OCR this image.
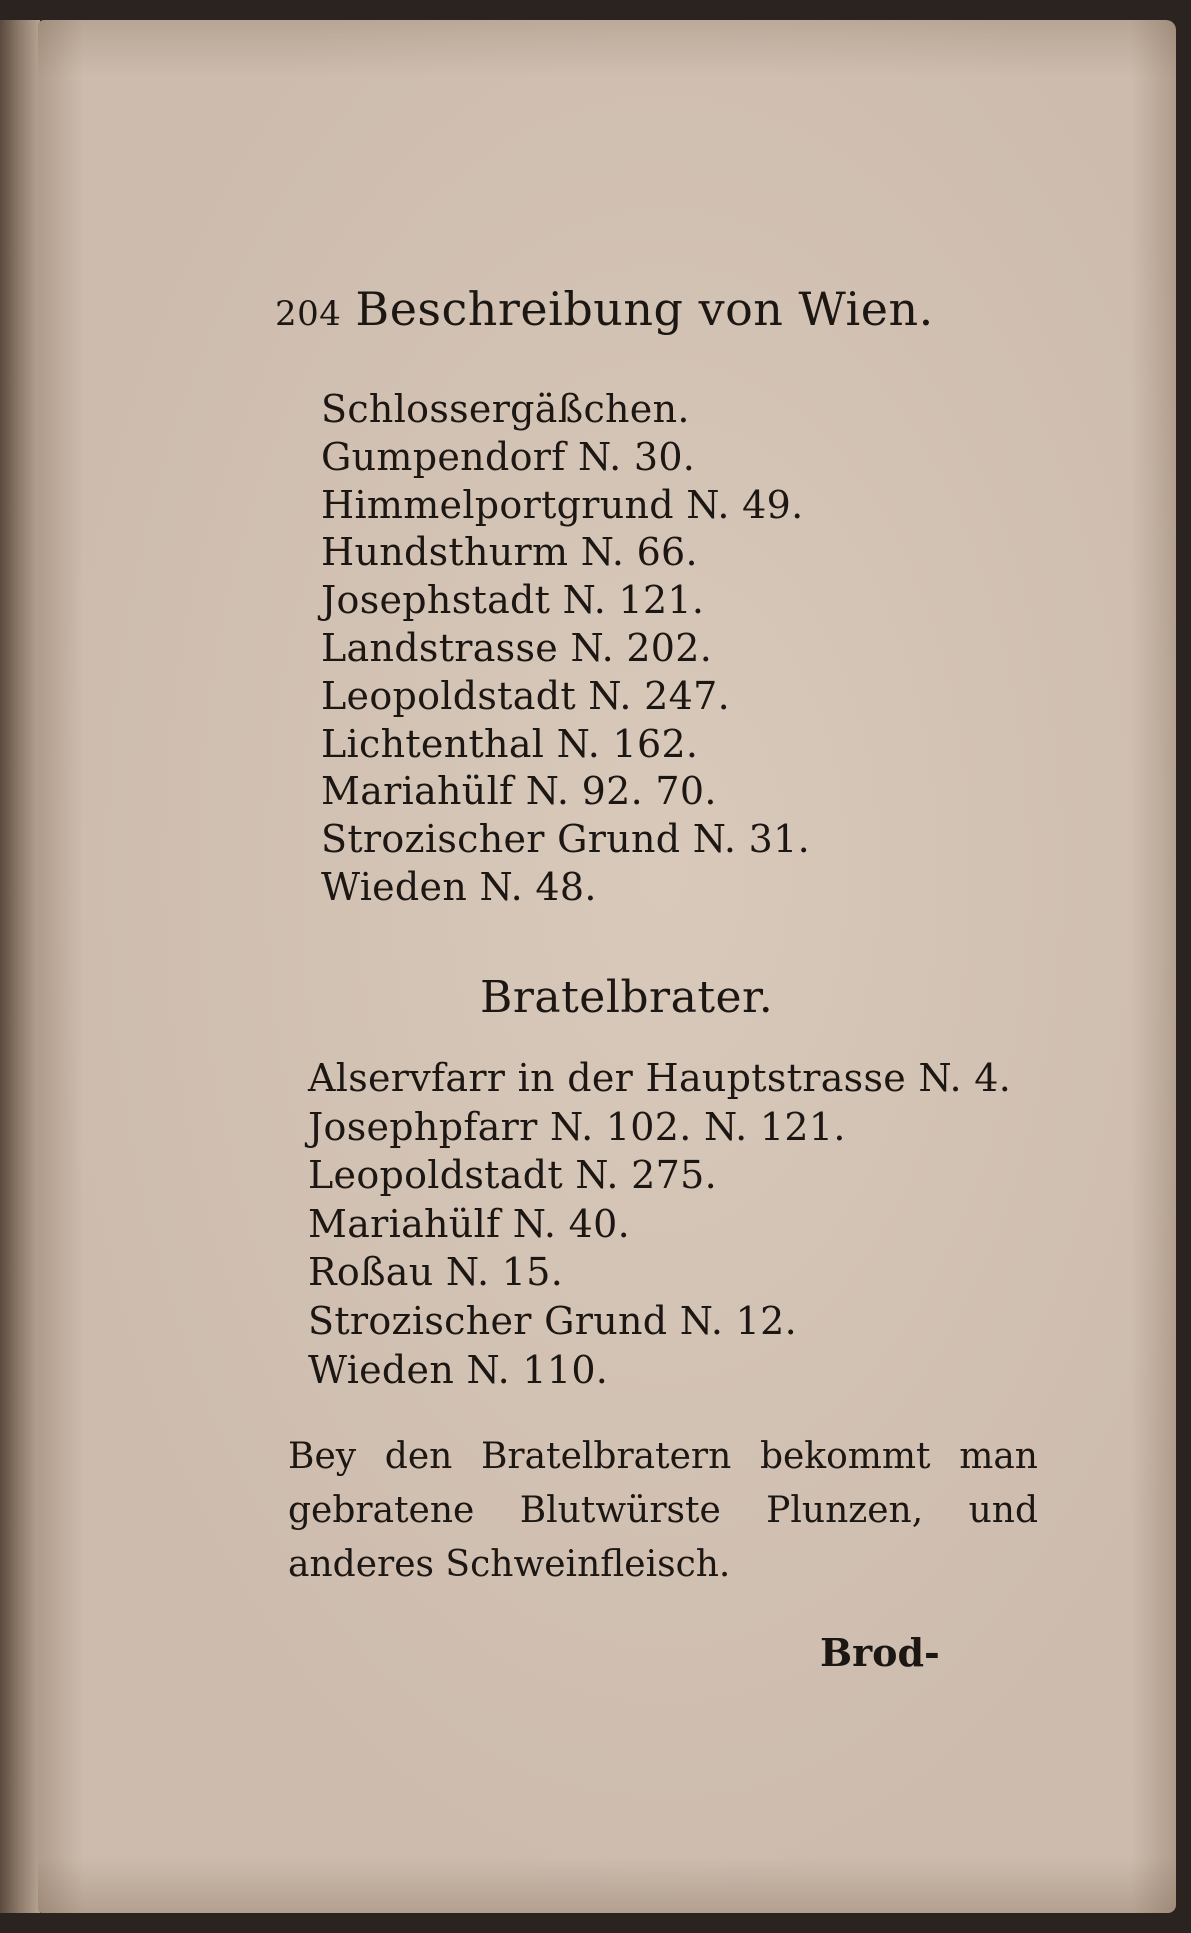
204 Beschreibung von Wien.
Schlossergäßchen.
Gumpendorf N. 30.
Himmelportgrund N. 49.
Hundsthurm N. 66.
Josephstadt N. 121.
Landstrasse N. 202.
Leopoldstadt N. 247.
Lichtenthal N. 162.
Mariahülf N. 92. 70.
Strozischer Grund N. 31.
Wieden N. 48.
Bratelbrater.
Alservfarr in der Hauptstrasse N. 4.
Josephpfarr N. 102. N. 121.
Leopoldstadt N. 275.
Mariahülf N. 40.
Roßau N. 15.
Strozischer Grund N. 12.
Wieden N. 110.

Bey den Bratelbratern bekommt man gebratene Blutwürste Plunzen, und anderes Schweinfleisch.

Brod-
